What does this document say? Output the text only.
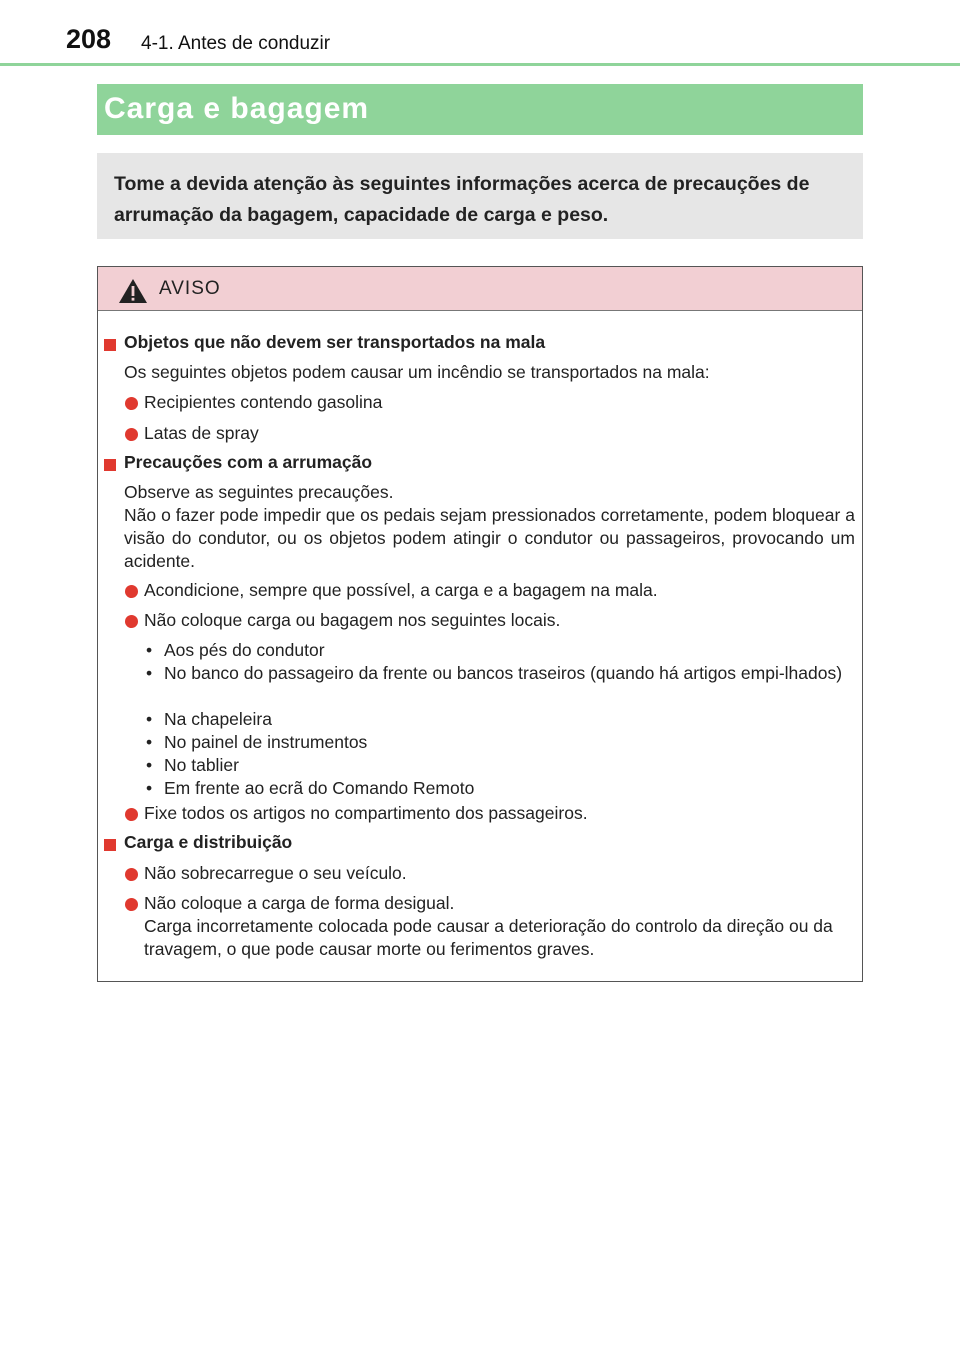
208 4-1. Antes de conduzir
Carga e bagagem
Tome a devida atenção às seguintes informações acerca de precauções de arrumação da bagagem, capacidade de carga e peso.
AVISO
Objetos que não devem ser transportados na mala
Os seguintes objetos podem causar um incêndio se transportados na mala:
Recipientes contendo gasolina
Latas de spray
Precauções com a arrumação
Observe as seguintes precauções.
Não o fazer pode impedir que os pedais sejam pressionados corretamente, podem bloquear a visão do condutor, ou os objetos podem atingir o condutor ou passageiros, provocando um acidente.
Acondicione, sempre que possível, a carga e a bagagem na mala.
Não coloque carga ou bagagem nos seguintes locais.
• Aos pés do condutor
• No banco do passageiro da frente ou bancos traseiros (quando há artigos empi-lhados)
• Na chapeleira
• No painel de instrumentos
• No tablier
• Em frente ao ecrã do Comando Remoto
Fixe todos os artigos no compartimento dos passageiros.
Carga e distribuição
Não sobrecarregue o seu veículo.
Não coloque a carga de forma desigual.
Carga incorretamente colocada pode causar a deterioração do controlo da direção ou da travagem, o que pode causar morte ou ferimentos graves.
